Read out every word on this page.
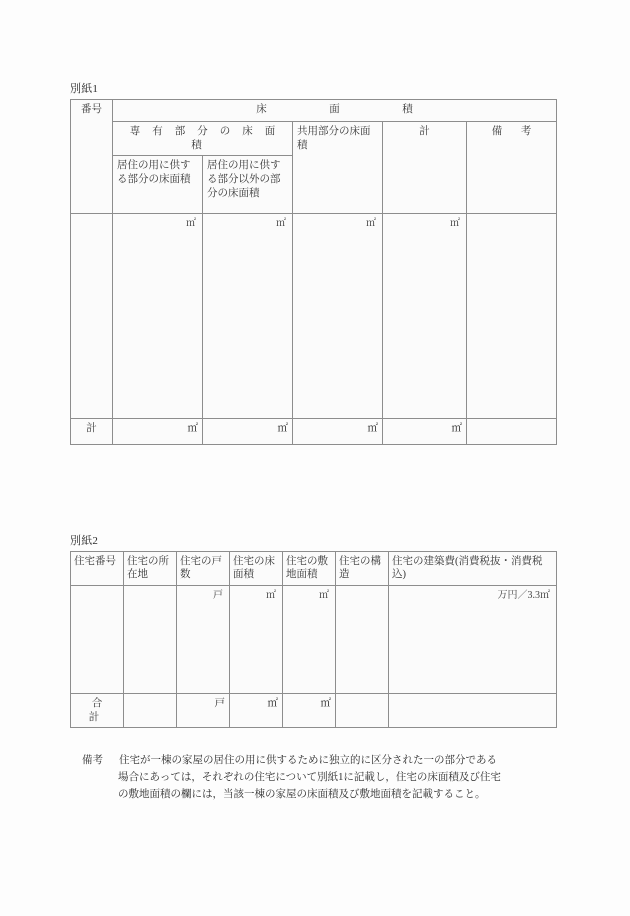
別紙1
番号	床　面　積				
	専有部分の床面積		共用部分の床面積	計	備　考
	居住の用に供する部分の床面積	居住の用に供する部分以外の部分の床面積			

	㎡	㎡	㎡	㎡	

計	㎡	㎡	㎡	㎡	
別紙2
住宅番号	住宅の所在地	住宅の戸数	住宅の床面積	住宅の敷地面積	住宅の構造	住宅の建築費(消費税抜・消費税込)

		戸	㎡	㎡		万円／3.3㎡

合　計		戸	㎡	㎡		
備考 住宅が一棟の家屋の居住の用に供するために独立的に区分された一の部分である
場合にあっては，それぞれの住宅について別紙1に記載し，住宅の床面積及び住宅
の敷地面積の欄には，当該一棟の家屋の床面積及び敷地面積を記載すること。
